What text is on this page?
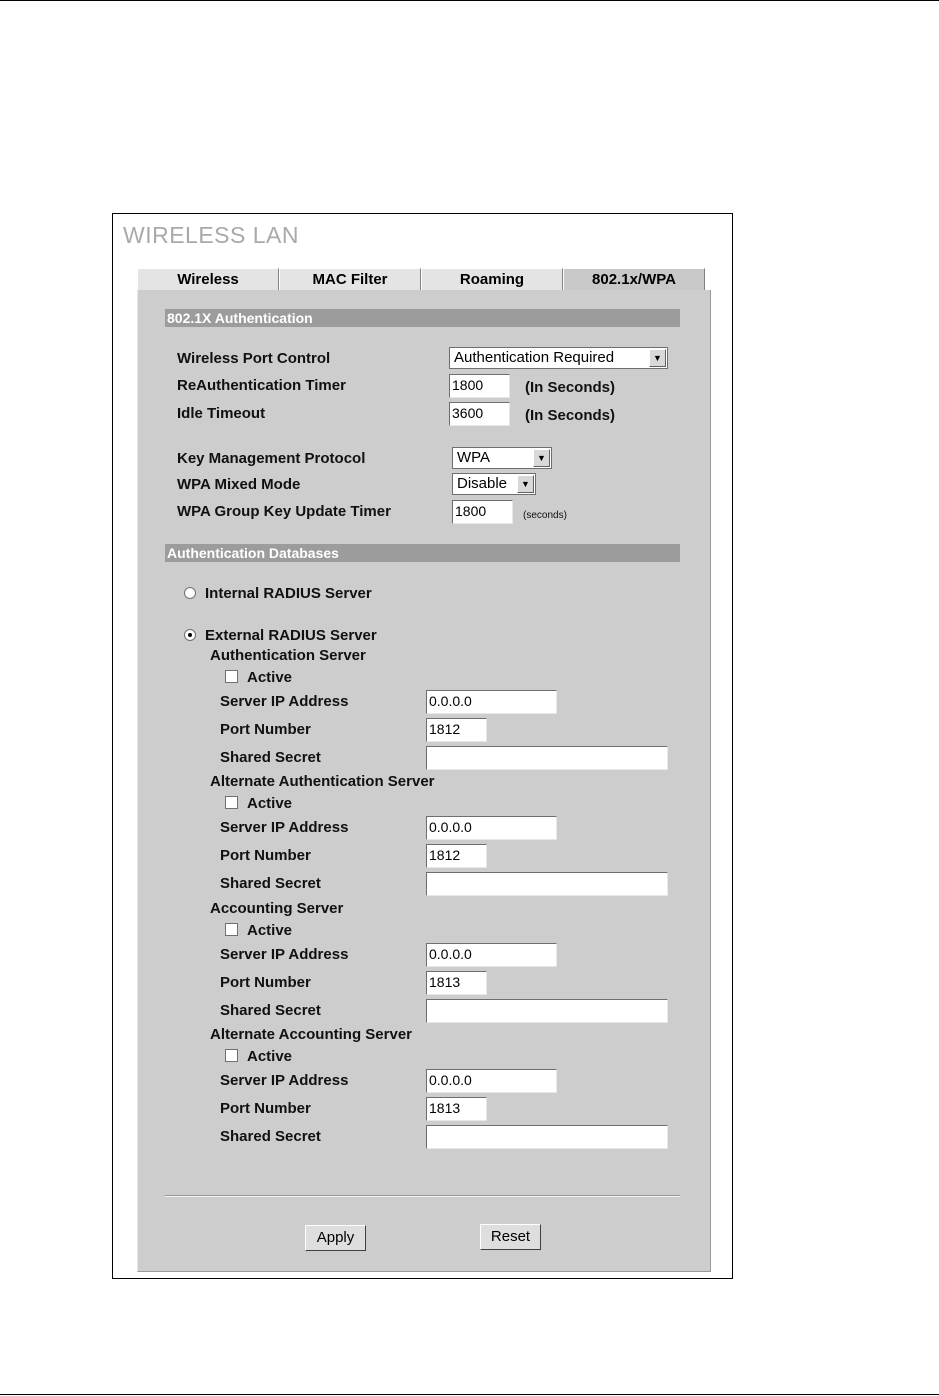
WIRELESS LAN
Wireless	MAC Filter	Roaming	802.1x/WPA
802.1X Authentication
Wireless Port Control	Authentication Required	▼
ReAuthentication Timer	1800	(In Seconds)
Idle Timeout	3600	(In Seconds)
Key Management Protocol	WPA	▼
WPA Mixed Mode	Disable	▼
WPA Group Key Update Timer	1800	(seconds)
Authentication Databases
Internal RADIUS Server
External RADIUS Server
Authentication Server
Active
Server IP Address	0.0.0.0
Port Number	1812
Shared Secret
Alternate Authentication Server
Active
Server IP Address	0.0.0.0
Port Number	1812
Shared Secret
Accounting Server
Active
Server IP Address	0.0.0.0
Port Number	1813
Shared Secret
Alternate Accounting Server
Active
Server IP Address	0.0.0.0
Port Number	1813
Shared Secret
Apply	Reset
